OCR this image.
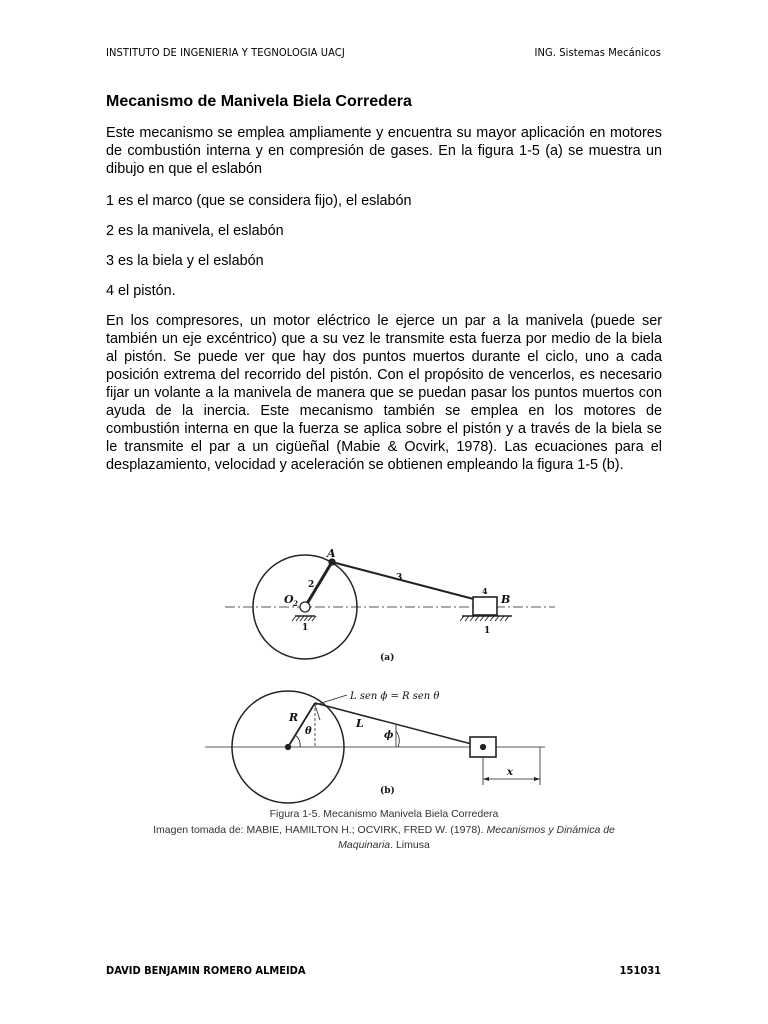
INSTITUTO DE INGENIERIA Y TEGNOLOGIA UACJ	ING. Sistemas Mecánicos
Mecanismo de Manivela Biela Corredera

Este mecanismo se emplea ampliamente y encuentra su mayor aplicación en motores de combustión interna y en compresión de gases. En la figura 1-5 (a) se muestra un dibujo en que el eslabón

1 es el marco (que se considera fijo), el eslabón

2 es la manivela, el eslabón

3 es la biela y el eslabón

4 el pistón.

En los compresores, un motor eléctrico le ejerce un par a la manivela (puede ser también un eje excéntrico) que a su vez le transmite esta fuerza por medio de la biela al pistón. Se puede ver que hay dos puntos muertos durante el ciclo, uno a cada posición extrema del recorrido del pistón. Con el propósito de vencerlos, es necesario fijar un volante a la manivela de manera que se puedan pasar los puntos muertos con ayuda de la inercia. Este mecanismo también se emplea en los motores de combustión interna en que la fuerza se aplica sobre el pistón y a través de la biela se le transmite el par a un cigüeñal (Mabie & Ocvirk, 1978). Las ecuaciones para el desplazamiento, velocidad y aceleración se obtienen empleando la figura 1-5 (b).

A
O 2	B
2
3
4
1	1
(a)
L sen ϕ = R sen θ
R	L
θ	ϕ
x
(b)
Figura 1-5. Mecanismo Manivela Biela Corredera
Imagen tomada de: MABIE, HAMILTON H.; OCVIRK, FRED W. (1978). Mecanismos y Dinámica de
Maquinaria. Limusa
DAVID BENJAMIN ROMERO ALMEIDA	151031
